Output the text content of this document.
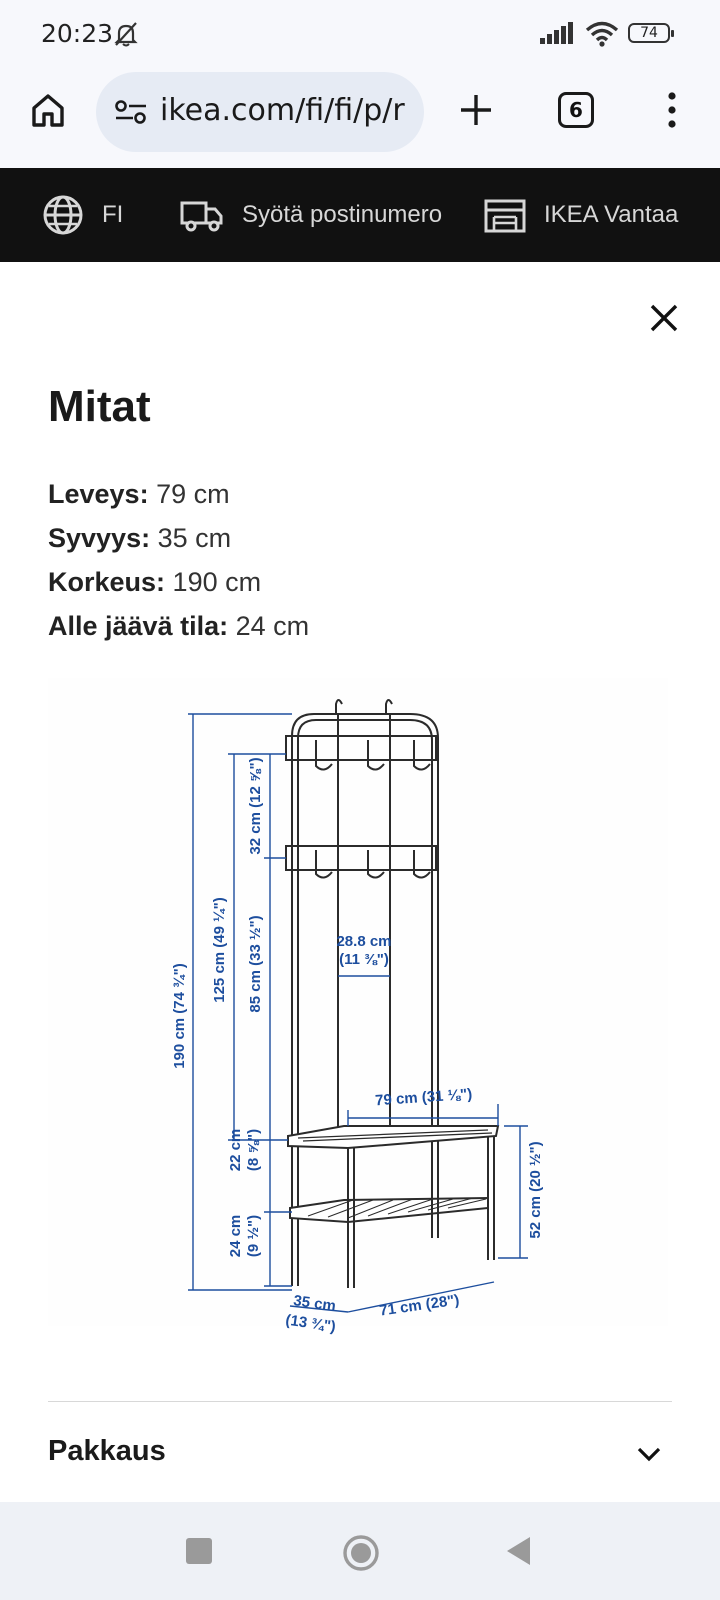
20:23	74
ikea.com/fi/fi/p/r	6
FI	Syötä postinumero	IKEA Vantaa
Mitat
Leveys: 79 cm
Syvyys: 35 cm
Korkeus: 190 cm
Alle jäävä tila: 24 cm
190 cm (74 ¾")
125 cm (49 ¼")
32 cm (12 ⅝")
85 cm (33 ½")
22 cm (8 ⅝")
24 cm (9 ½")
28.8 cm
(11 ⅜")
79 cm (31 ⅛")
52 cm (20 ½")
35 cm
(13 ¾")
71 cm (28")
Pakkaus
